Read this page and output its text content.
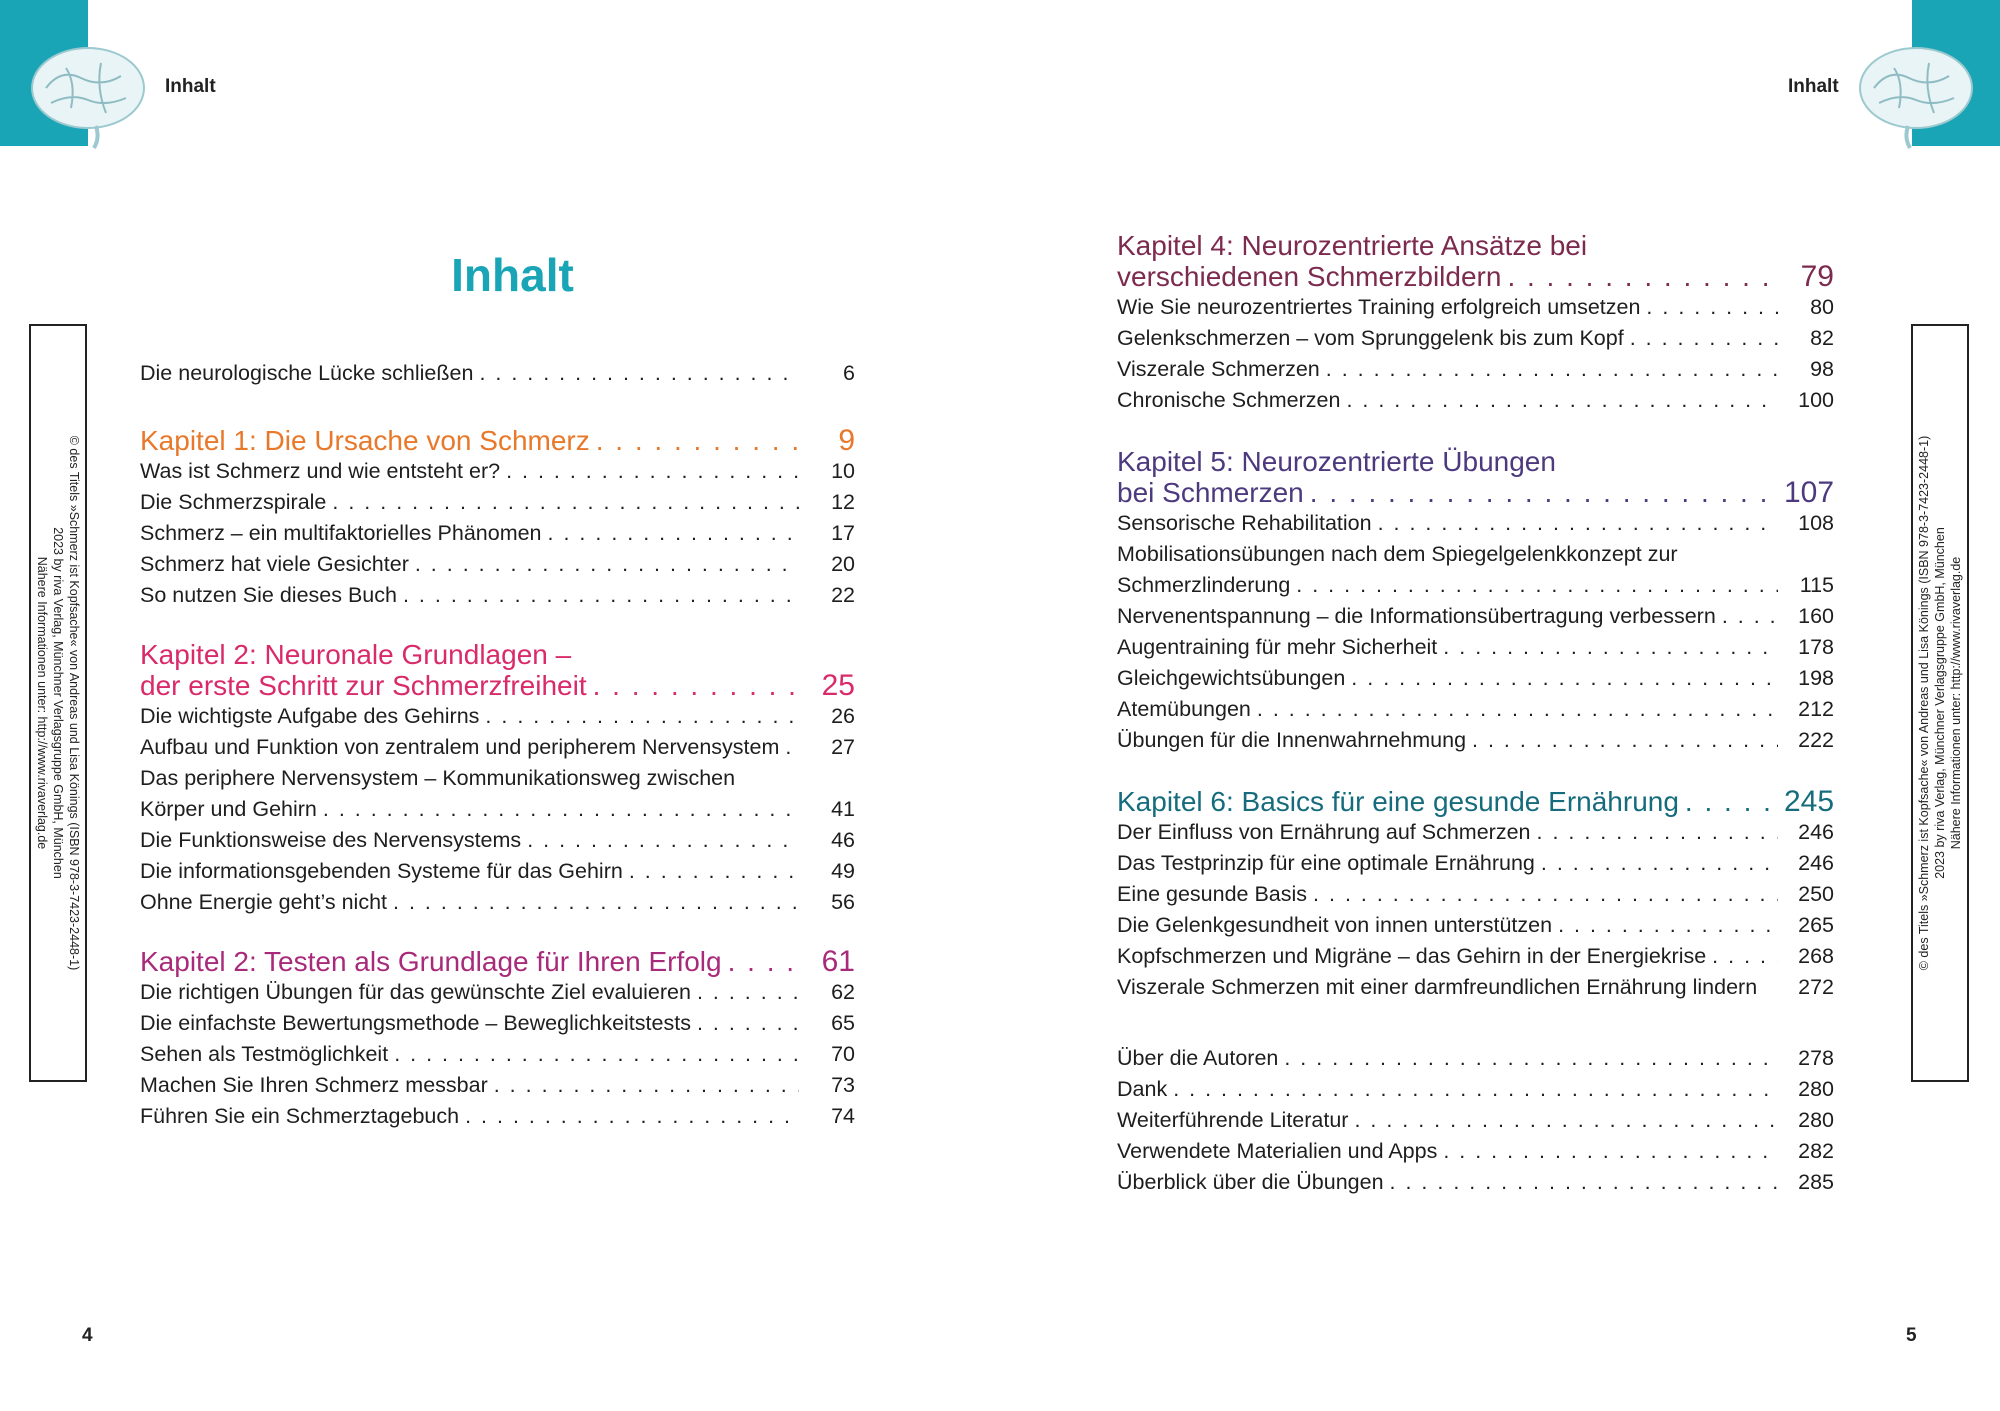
Inhalt	Inhalt
© des Titels »Schmerz ist Kopfsache« von Andreas und Lisa Könings (ISBN 978-3-7423-2448-1)
2023 by riva Verlag, Münchner Verlagsgruppe GmbH, München
Nähere Informationen unter: http://www.rivaverlag.de	© des Titels »Schmerz ist Kopfsache« von Andreas und Lisa Könings (ISBN 978-3-7423-2448-1) 2023 by riva Verlag, Münchner Verlagsgruppe GmbH, München Nähere Informationen unter: http://www.rivaverlag.de
Inhalt
Die neurologische Lücke schließen . . .	6
Kapitel 1: Die Ursache von Schmerz . . .	9
Was ist Schmerz und wie entsteht er? . . .	10
Die Schmerzspirale . . .	12
Schmerz – ein multifaktorielles Phänomen . . .	17
Schmerz hat viele Gesichter . . .	20
So nutzen Sie dieses Buch . . .	22
Kapitel 2: Neuronale Grundlagen –
der erste Schritt zur Schmerzfreiheit . . .	25
Die wichtigste Aufgabe des Gehirns . . .	26
Aufbau und Funktion von zentralem und peripherem Nervensystem . . .	27
Das periphere Nervensystem – Kommunikationsweg zwischen
Körper und Gehirn . . .	41
Die Funktionsweise des Nervensystems . . .	46
Die informationsgebenden Systeme für das Gehirn . . .	49
Ohne Energie geht’s nicht . . .	56
Kapitel 2: Testen als Grundlage für Ihren Erfolg . . .	61
Die richtigen Übungen für das gewünschte Ziel evaluieren . . .	62
Die einfachste Bewertungsmethode – Beweglichkeitstests . . .	65
Sehen als Testmöglichkeit . . .	70
Machen Sie Ihren Schmerz messbar . . .	73
Führen Sie ein Schmerztagebuch . . .	74
Kapitel 4: Neurozentrierte Ansätze bei
verschiedenen Schmerzbildern . . .	79
Wie Sie neurozentriertes Training erfolgreich umsetzen . . .	80
Gelenkschmerzen – vom Sprunggelenk bis zum Kopf . . .	82
Viszerale Schmerzen . . .	98
Chronische Schmerzen . . .	100
Kapitel 5: Neurozentrierte Übungen
bei Schmerzen . . .	107
Sensorische Rehabilitation . . .	108
Mobilisationsübungen nach dem Spiegelgelenkkonzept zur
Schmerzlinderung . . .	115
Nervenentspannung – die Informationsübertragung verbessern . . .	160
Augentraining für mehr Sicherheit . . .	178
Gleichgewichtsübungen . . .	198
Atemübungen . . .	212
Übungen für die Innenwahrnehmung . . .	222
Kapitel 6: Basics für eine gesunde Ernährung . . .	245
Der Einfluss von Ernährung auf Schmerzen . . .	246
Das Testprinzip für eine optimale Ernährung . . .	246
Eine gesunde Basis . . .	250
Die Gelenkgesundheit von innen unterstützen . . .	265
Kopfschmerzen und Migräne – das Gehirn in der Energiekrise . . .	268
Viszerale Schmerzen mit einer darmfreundlichen Ernährung lindern	272
Über die Autoren . . .	278
Dank . . .	280
Weiterführende Literatur . . .	280
Verwendete Materialien und Apps . . .	282
Überblick über die Übungen . . .	285
4	5
